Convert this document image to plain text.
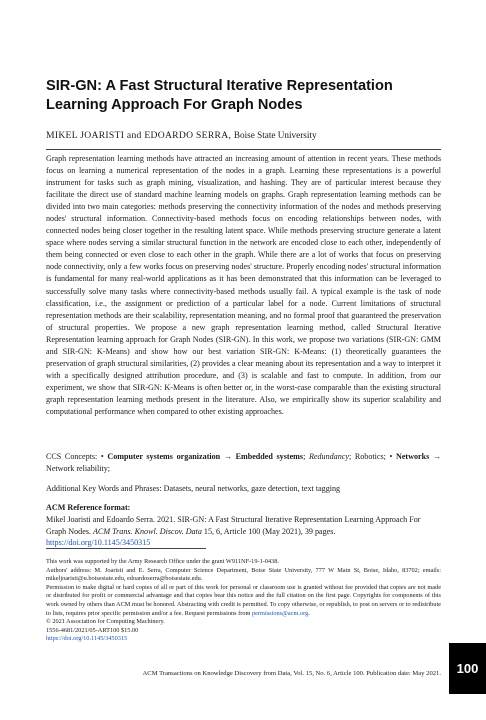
SIR-GN: A Fast Structural Iterative Representation Learning Approach For Graph Nodes
MIKEL JOARISTI and EDOARDO SERRA, Boise State University

Graph representation learning methods have attracted an increasing amount of attention in recent years. These methods focus on learning a numerical representation of the nodes in a graph. Learning these representations is a powerful instrument for tasks such as graph mining, visualization, and hashing. They are of particular interest because they facilitate the direct use of standard machine learning models on graphs. Graph representation learning methods can be divided into two main categories: methods preserving the connectivity information of the nodes and methods preserving nodes' structural information. Connectivity-based methods focus on encoding relationships between nodes, with connected nodes being closer together in the resulting latent space. While methods preserving structure generate a latent space where nodes serving a similar structural function in the network are encoded close to each other, independently of them being connected or even close to each other in the graph. While there are a lot of works that focus on preserving node connectivity, only a few works focus on preserving nodes' structure. Properly encoding nodes' structural information is fundamental for many real-world applications as it has been demonstrated that this information can be leveraged to successfully solve many tasks where connectivity-based methods usually fail. A typical example is the task of node classification, i.e., the assignment or prediction of a particular label for a node. Current limitations of structural representation methods are their scalability, representation meaning, and no formal proof that guaranteed the preservation of structural properties. We propose a new graph representation learning method, called Structural Iterative Representation learning approach for Graph Nodes (SIR-GN). In this work, we propose two variations (SIR-GN: GMM and SIR-GN: K-Means) and show how our best variation SIR-GN: K-Means: (1) theoretically guarantees the preservation of graph structural similarities, (2) provides a clear meaning about its representation and a way to interpret it with a specifically designed attribution procedure, and (3) is scalable and fast to compute. In addition, from our experiment, we show that SIR-GN: K-Means is often better or, in the worst-case comparable than the existing structural graph representation learning methods present in the literature. Also, we empirically show its superior scalability and computational performance when compared to other existing approaches.

CCS Concepts: • Computer systems organization → Embedded systems; Redundancy; Robotics; • Networks → Network reliability;

Additional Key Words and Phrases: Datasets, neural networks, gaze detection, text tagging

ACM Reference format:

Mikel Joaristi and Edoardo Serra. 2021. SIR-GN: A Fast Structural Iterative Representation Learning Approach For Graph Nodes. ACM Trans. Knowl. Discov. Data 15, 6, Article 100 (May 2021), 39 pages.
https://doi.org/10.1145/3450315

This work was supported by the Army Research Office under the grant W911NF-19-1-0438.

Authors' address: M. Joaristi and E. Serra, Computer Science Department, Boise State University, 777 W Main St, Boise, Idaho, 83702; emails: mikeljoaristi@u.boisestate.edu, edoardoserra@boisestate.edu.

Permission to make digital or hard copies of all or part of this work for personal or classroom use is granted without fee provided that copies are not made or distributed for profit or commercial advantage and that copies bear this notice and the full citation on the first page. Copyrights for components of this work owned by others than ACM must be honored. Abstracting with credit is permitted. To copy otherwise, or republish, to post on servers or to redistribute to lists, requires prior specific permission and/or a fee. Request permissions from permissions@acm.org.

© 2021 Association for Computing Machinery.

1556-4681/2021/05-ART100 $15.00

https://doi.org/10.1145/3450315

ACM Transactions on Knowledge Discovery from Data, Vol. 15, No. 6, Article 100. Publication date: May 2021. 100
